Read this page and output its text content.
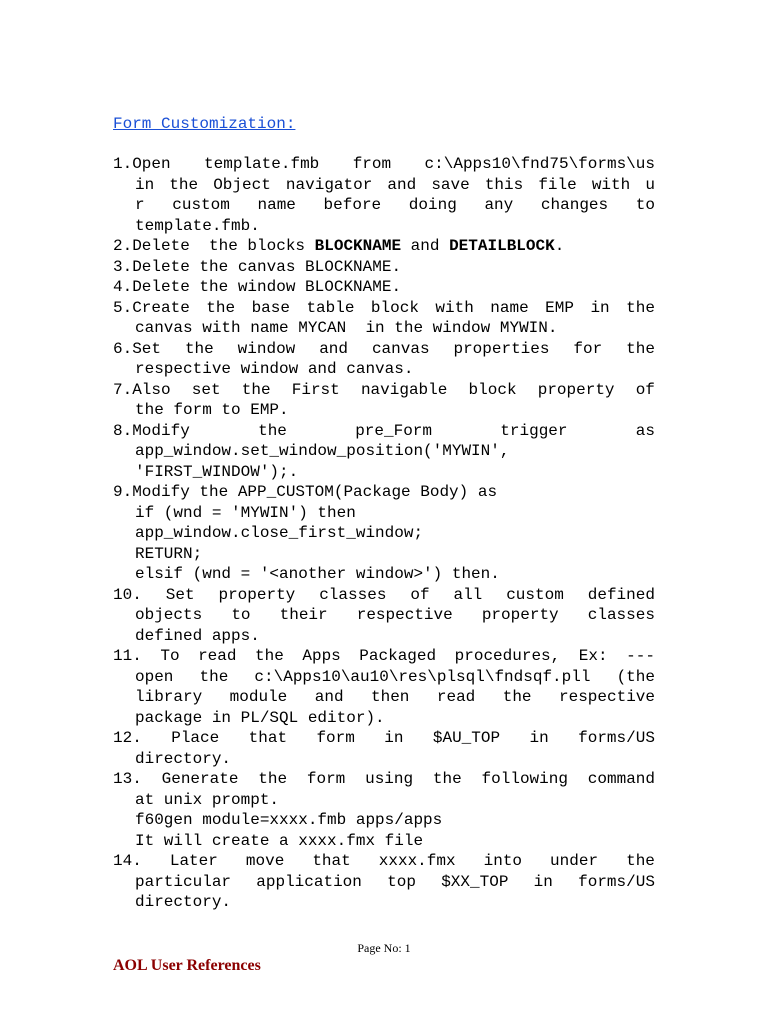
Form Customization:
1.Open template.fmb from c:\Apps10\fnd75\forms\us
in the Object navigator and save this file with u
r custom name before doing any changes to
template.fmb.
2.Delete  the blocks BLOCKNAME and DETAILBLOCK .
3.Delete the canvas BLOCKNAME.
4.Delete the window BLOCKNAME.
5.Create the base table block with name EMP in the
canvas with name MYCAN  in the window MYWIN.
6.Set the window and canvas properties for the
respective window and canvas.
7.Also set the First navigable block property of
the form to EMP.
8.Modify	the	pre_Form	trigger	as
app_window.set_window_position('MYWIN',
'FIRST_WINDOW');.
9.Modify the APP_CUSTOM(Package Body) as
if (wnd = 'MYWIN') then
app_window.close_first_window;
RETURN;
elsif (wnd = '<another window>') then.
10. Set property classes of all custom defined
objects to their respective property classes
defined apps.
11. To read the Apps Packaged procedures, Ex: ---
open the c:\Apps10\au10\res\plsql\fndsqf.pll (the
library module and then read the respective
package in PL/SQL editor).
12. Place that form in $AU_TOP in forms/US
directory.
13. Generate the form using the following command
at unix prompt.
f60gen module=xxxx.fmb apps/apps
It will create a xxxx.fmx file
14. Later move that xxxx.fmx into under the
particular application top $XX_TOP in forms/US
directory.
Page No: 1
AOL User References
